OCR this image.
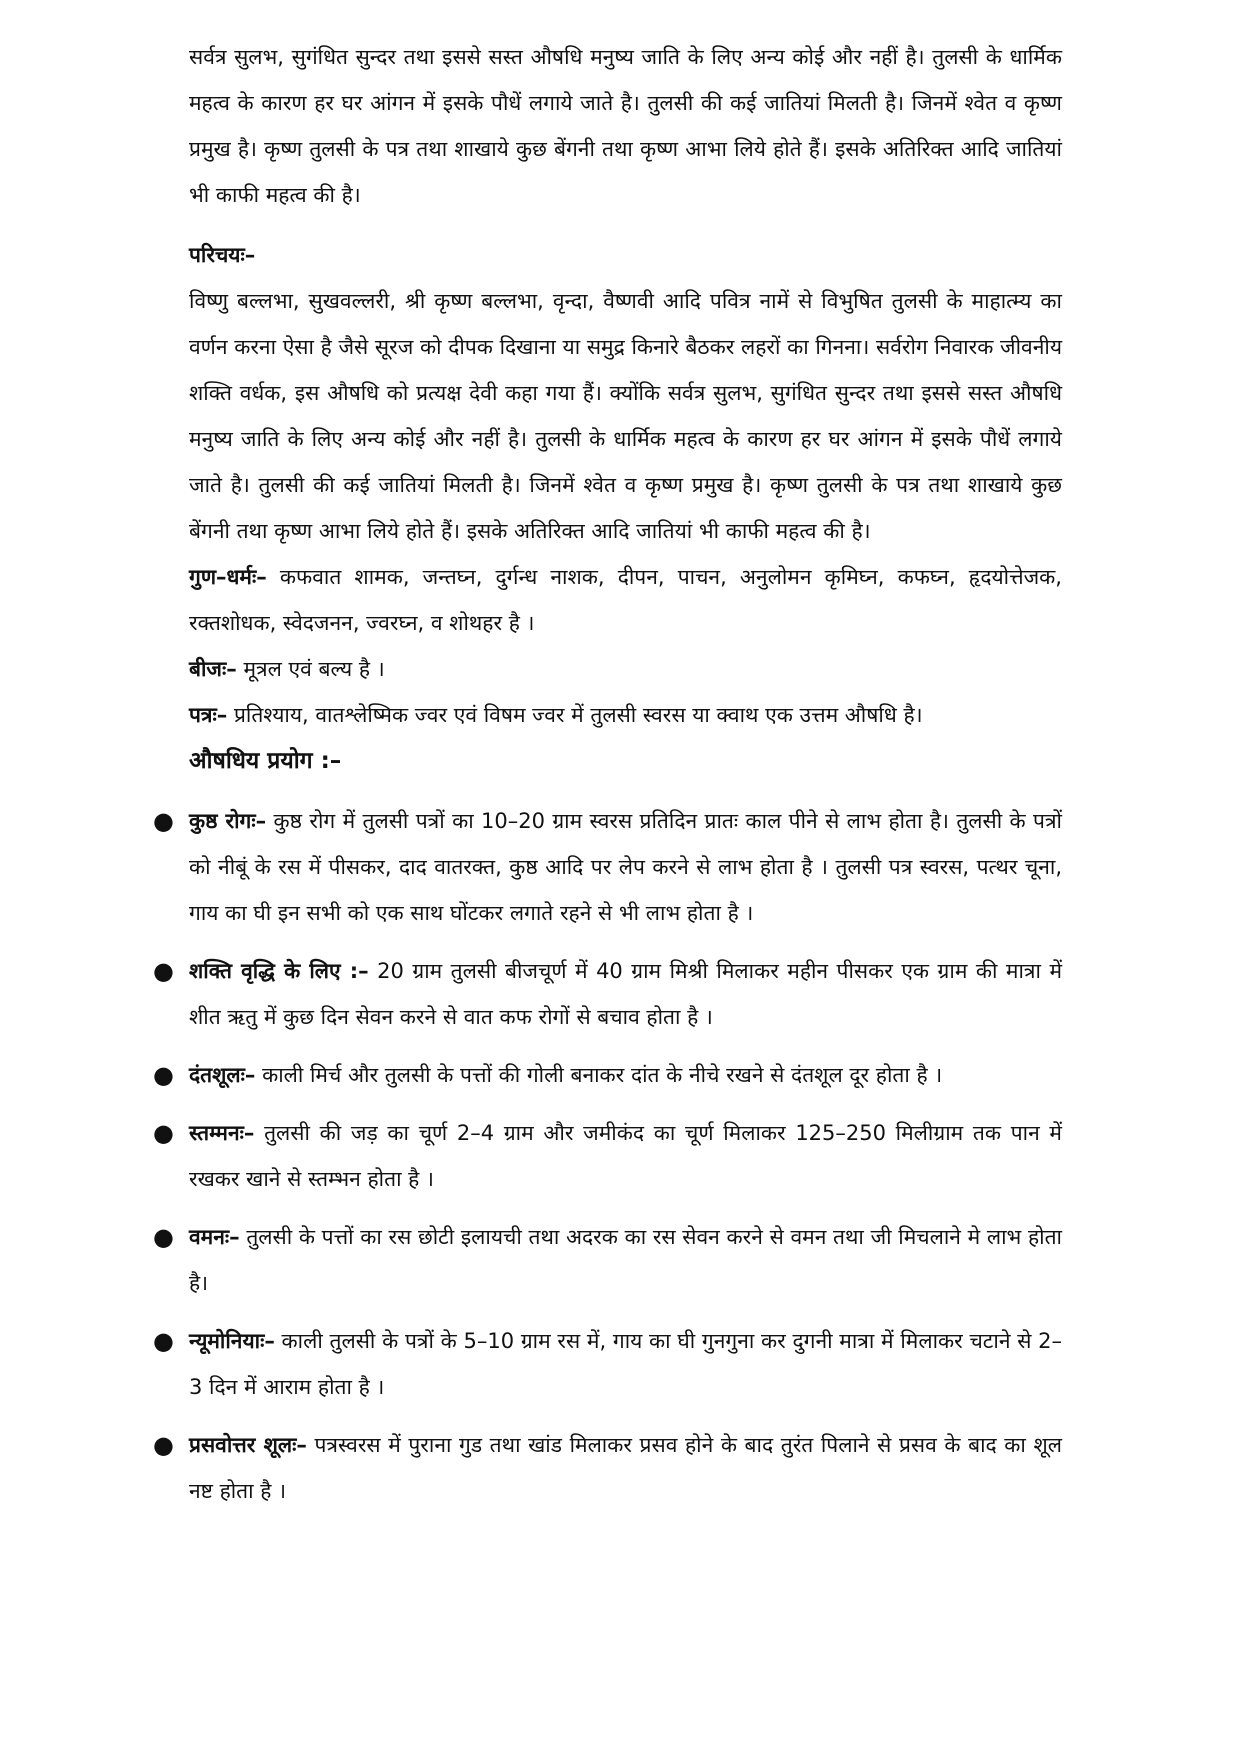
सर्वत्र सुलभ, सुगंधित सुन्दर तथा इससे सस्त औषधि मनुष्य जाति के लिए अन्य कोई और नहीं है। तुलसी के धार्मिक महत्व के कारण हर घर आंगन में इसके पौधें लगाये जाते है। तुलसी की कई जातियां मिलती है। जिनमें श्वेत व कृष्ण प्रमुख है। कृष्ण तुलसी के पत्र तथा शाखाये कुछ बेंगनी तथा कृष्ण आभा लिये होते हैं। इसके अतिरिक्त आदि जातियां भी काफी महत्व की है।

परिचयः–

विष्णु बल्लभा, सुखवल्लरी, श्री कृष्ण बल्लभा, वृन्दा, वैष्णवी आदि पवित्र नामें से विभुषित तुलसी के माहात्म्य का वर्णन करना ऐसा है जैसे सूरज को दीपक दिखाना या समुद्र किनारे बैठकर लहरों का गिनना। सर्वरोग निवारक जीवनीय शक्ति वर्धक, इस औषधि को प्रत्यक्ष देवी कहा गया हैं। क्योंकि सर्वत्र सुलभ, सुगंधित सुन्दर तथा इससे सस्त औषधि मनुष्य जाति के लिए अन्य कोई और नहीं है। तुलसी के धार्मिक महत्व के कारण हर घर आंगन में इसके पौधें लगाये जाते है। तुलसी की कई जातियां मिलती है। जिनमें श्वेत व कृष्ण प्रमुख है। कृष्ण तुलसी के पत्र तथा शाखाये कुछ बेंगनी तथा कृष्ण आभा लिये होते हैं। इसके अतिरिक्त आदि जातियां भी काफी महत्व की है।

गुण–धर्मः– कफवात शामक, जन्तघ्न, दुर्गन्ध नाशक, दीपन, पाचन, अनुलोमन कृमिघ्न, कफघ्न, हृदयोत्तेजक, रक्तशोधक, स्वेदजनन, ज्वरघ्न, व शोथहर है ।

बीजः– मूत्रल एवं बल्य है ।

पत्रः– प्रतिश्याय, वातश्लेष्मिक ज्वर एवं विषम ज्वर में तुलसी स्वरस या क्वाथ एक उत्तम औषधि है।

औषधिय प्रयोग :–
● कुष्ठ रोगः– कुष्ठ रोग में तुलसी पत्रों का 10–20 ग्राम स्वरस प्रतिदिन प्रातः काल पीने से लाभ होता है। तुलसी के पत्रों को नीबूं के रस में पीसकर, दाद वातरक्त, कुष्ठ आदि पर लेप करने से लाभ होता है । तुलसी पत्र स्वरस, पत्थर चूना, गाय का घी इन सभी को एक साथ घोंटकर लगाते रहने से भी लाभ होता है ।
● शक्ति वृद्धि के लिए :– 20 ग्राम तुलसी बीजचूर्ण में 40 ग्राम मिश्री मिलाकर महीन पीसकर एक ग्राम की मात्रा में शीत ऋतु में कुछ दिन सेवन करने से वात कफ रोगों से बचाव होता है ।
● दंतशूलः– काली मिर्च और तुलसी के पत्तों की गोली बनाकर दांत के नीचे रखने से दंतशूल दूर होता है ।
● स्तम्मनः– तुलसी की जड़ का चूर्ण 2–4 ग्राम और जमीकंद का चूर्ण मिलाकर 125–250 मिलीग्राम तक पान में रखकर खाने से स्तम्भन होता है ।
● वमनः– तुलसी के पत्तों का रस छोटी इलायची तथा अदरक का रस सेवन करने से वमन तथा जी मिचलाने मे लाभ होता है।
● न्यूमोनियाः– काली तुलसी के पत्रों के 5–10 ग्राम रस में, गाय का घी गुनगुना कर दुगनी मात्रा में मिलाकर चटाने से 2–3 दिन में आराम होता है ।
● प्रसवोत्तर शूलः– पत्रस्वरस में पुराना गुड तथा खांड मिलाकर प्रसव होने के बाद तुरंत पिलाने से प्रसव के बाद का शूल नष्ट होता है ।
